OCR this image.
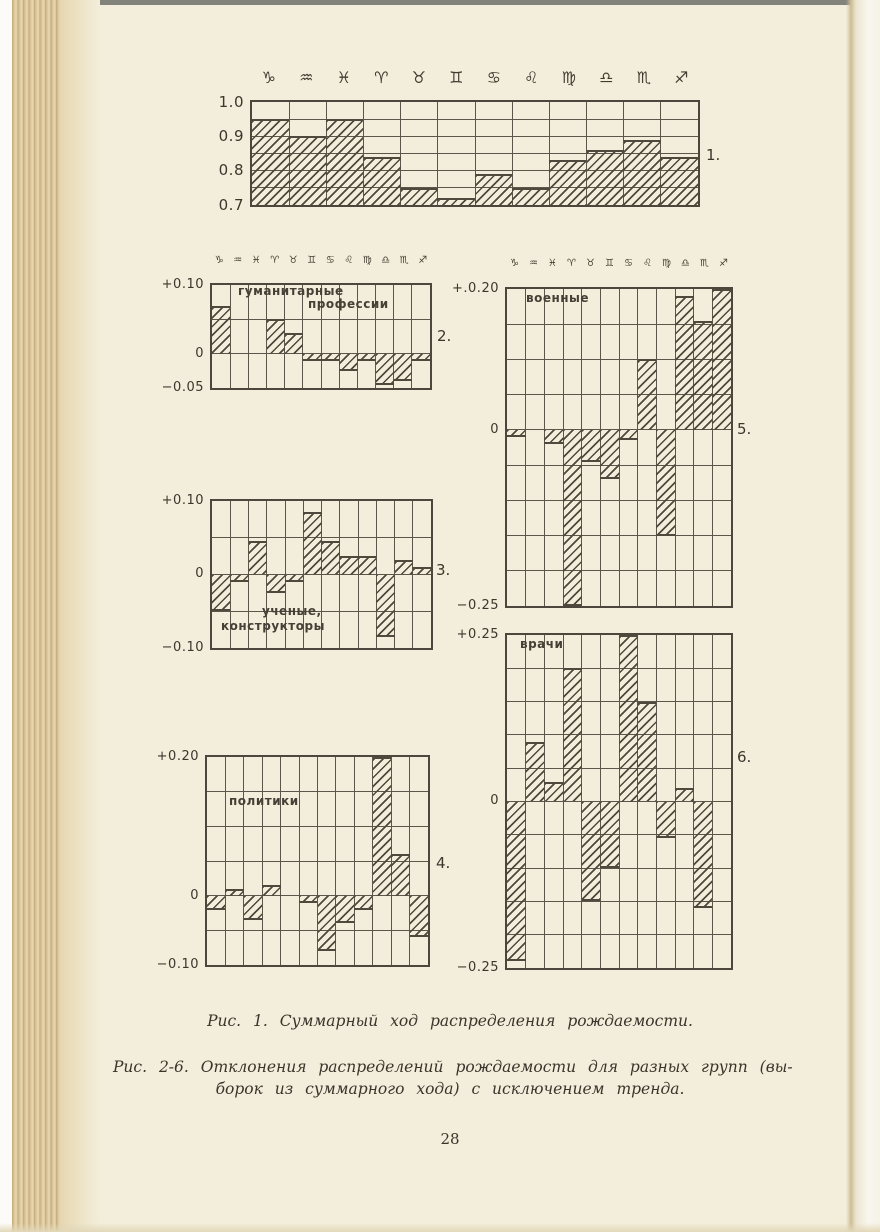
1.0
0.9
0.8
0.7
1.
♑	♒	♓	♈	♉	♊	♋	♌	♍	♎	♏	♐
+0.10
0
−0.05
2.
♑ ♒ ♓ ♈ ♉ ♊ ♋ ♌ ♍ ♎ ♏ ♐
гуманитарные
профессии
+0.10
0
−0.10
3.
ученые,
конструкторы
+0.20
0
−0.10
4.
политики
+.0.20
0
−0.25
5.
♑	♒	♓	♈	♉	♊	♋	♌	♍	♎	♏	♐
военные
+0.25
0
−0.25
6.
врачи
Рис. 1. Суммарный ход распределения рождаемости.
Рис. 2-6. Отклонения распределений рождаемости для разных групп (вы-
борок из суммарного хода) с исключением тренда.
28
